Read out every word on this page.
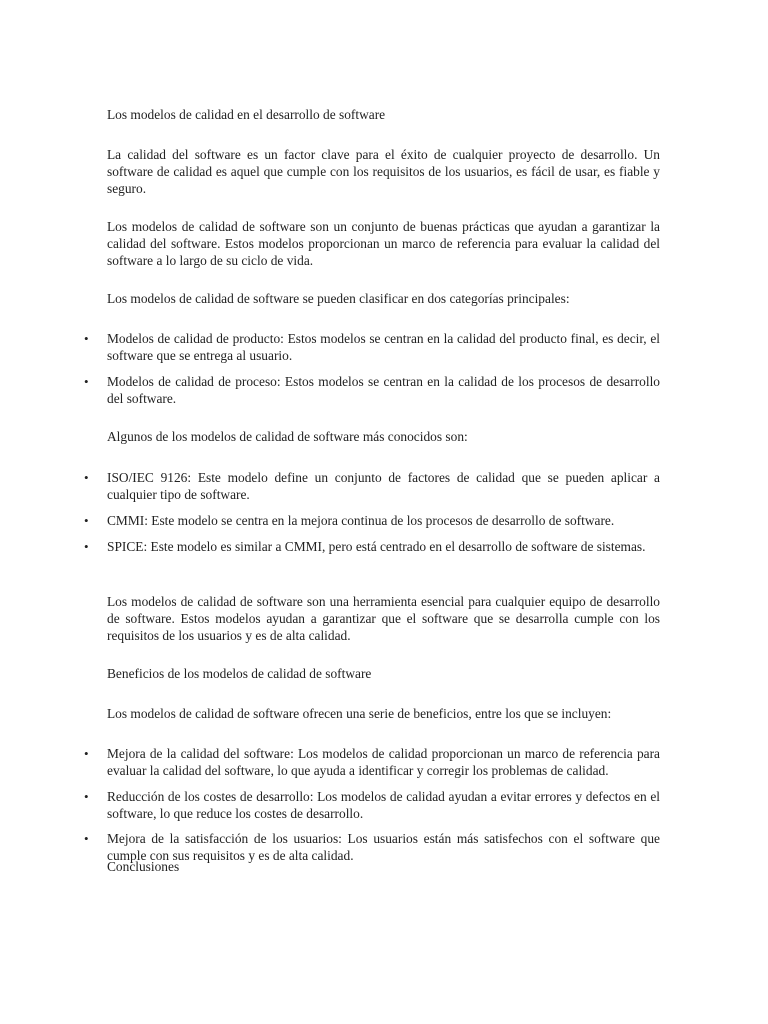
Los modelos de calidad en el desarrollo de software

La calidad del software es un factor clave para el éxito de cualquier proyecto de desarrollo. Un software de calidad es aquel que cumple con los requisitos de los usuarios, es fácil de usar, es fiable y seguro.

Los modelos de calidad de software son un conjunto de buenas prácticas que ayudan a garantizar la calidad del software. Estos modelos proporcionan un marco de referencia para evaluar la calidad del software a lo largo de su ciclo de vida.

Los modelos de calidad de software se pueden clasificar en dos categorías principales:

•	Modelos de calidad de producto: Estos modelos se centran en la calidad del producto final, es decir, el software que se entrega al usuario.

•	Modelos de calidad de proceso: Estos modelos se centran en la calidad de los procesos de desarrollo del software.

Algunos de los modelos de calidad de software más conocidos son:

•	ISO/IEC 9126: Este modelo define un conjunto de factores de calidad que se pueden aplicar a cualquier tipo de software.

•	CMMI: Este modelo se centra en la mejora continua de los procesos de desarrollo de software.

•	SPICE: Este modelo es similar a CMMI, pero está centrado en el desarrollo de software de sistemas.

Los modelos de calidad de software son una herramienta esencial para cualquier equipo de desarrollo de software. Estos modelos ayudan a garantizar que el software que se desarrolla cumple con los requisitos de los usuarios y es de alta calidad.

Beneficios de los modelos de calidad de software

Los modelos de calidad de software ofrecen una serie de beneficios, entre los que se incluyen:

•	Mejora de la calidad del software: Los modelos de calidad proporcionan un marco de referencia para evaluar la calidad del software, lo que ayuda a identificar y corregir los problemas de calidad.

•	Reducción de los costes de desarrollo: Los modelos de calidad ayudan a evitar errores y defectos en el software, lo que reduce los costes de desarrollo.

•	Mejora de la satisfacción de los usuarios: Los usuarios están más satisfechos con el software que cumple con sus requisitos y es de alta calidad.

Conclusiones
